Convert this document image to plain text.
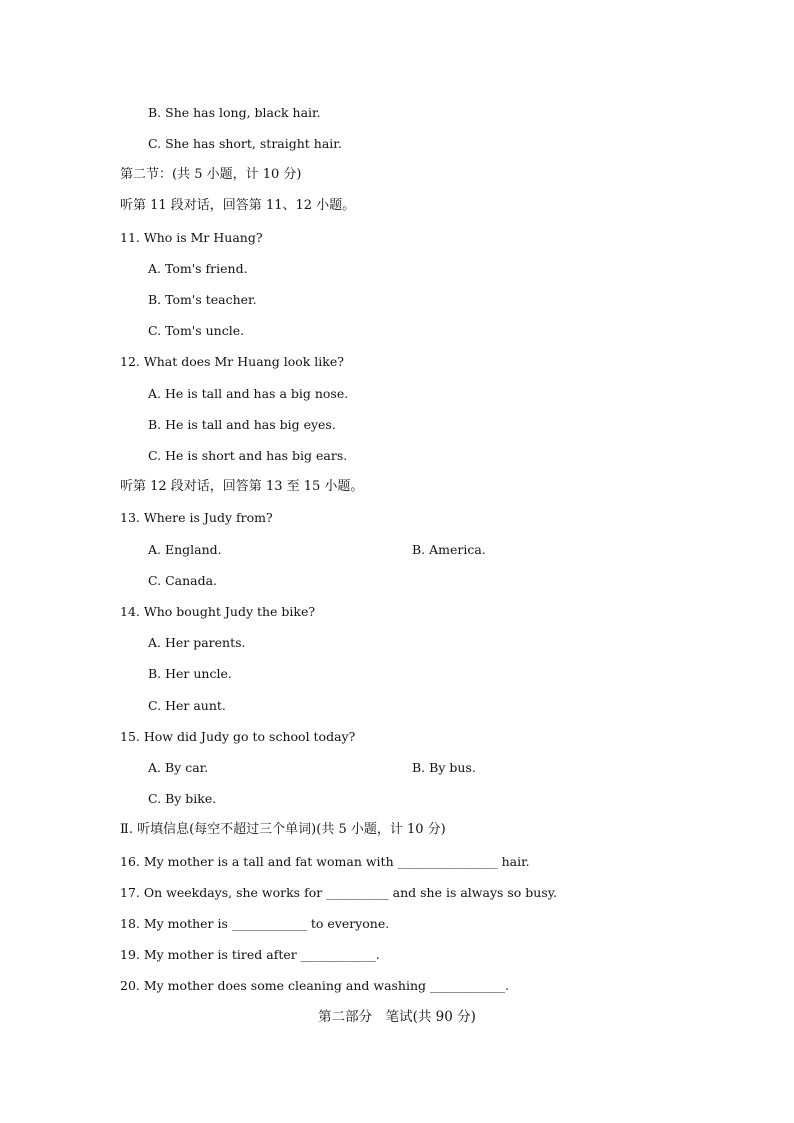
B. She has long, black hair.
C. She has short, straight hair.
第二节：(共 5 小题，计 10 分)
听第 11 段对话，回答第 11、12 小题。
11. Who is Mr Huang?
A. Tom's friend.
B. Tom's teacher.
C. Tom's uncle.
12. What does Mr Huang look like?
A. He is tall and has a big nose.
B. He is tall and has big eyes.
C. He is short and has big ears.
听第 12 段对话，回答第 13 至 15 小题。
13. Where is Judy from?
A. England.	B. America.
C. Canada.
14. Who bought Judy the bike?
A. Her parents.
B. Her uncle.
C. Her aunt.
15. How did Judy go to school today?
A. By car.	B. By bus.
C. By bike.
Ⅱ. 听填信息(每空不超过三个单词)(共 5 小题，计 10 分)
16. My mother is a tall and fat woman with ________________ hair.
17. On weekdays, she works for __________ and she is always so busy.
18. My mother is ____________ to everyone.
19. My mother is tired after ____________.
20. My mother does some cleaning and washing ____________.
第二部分　笔试(共 90 分)
